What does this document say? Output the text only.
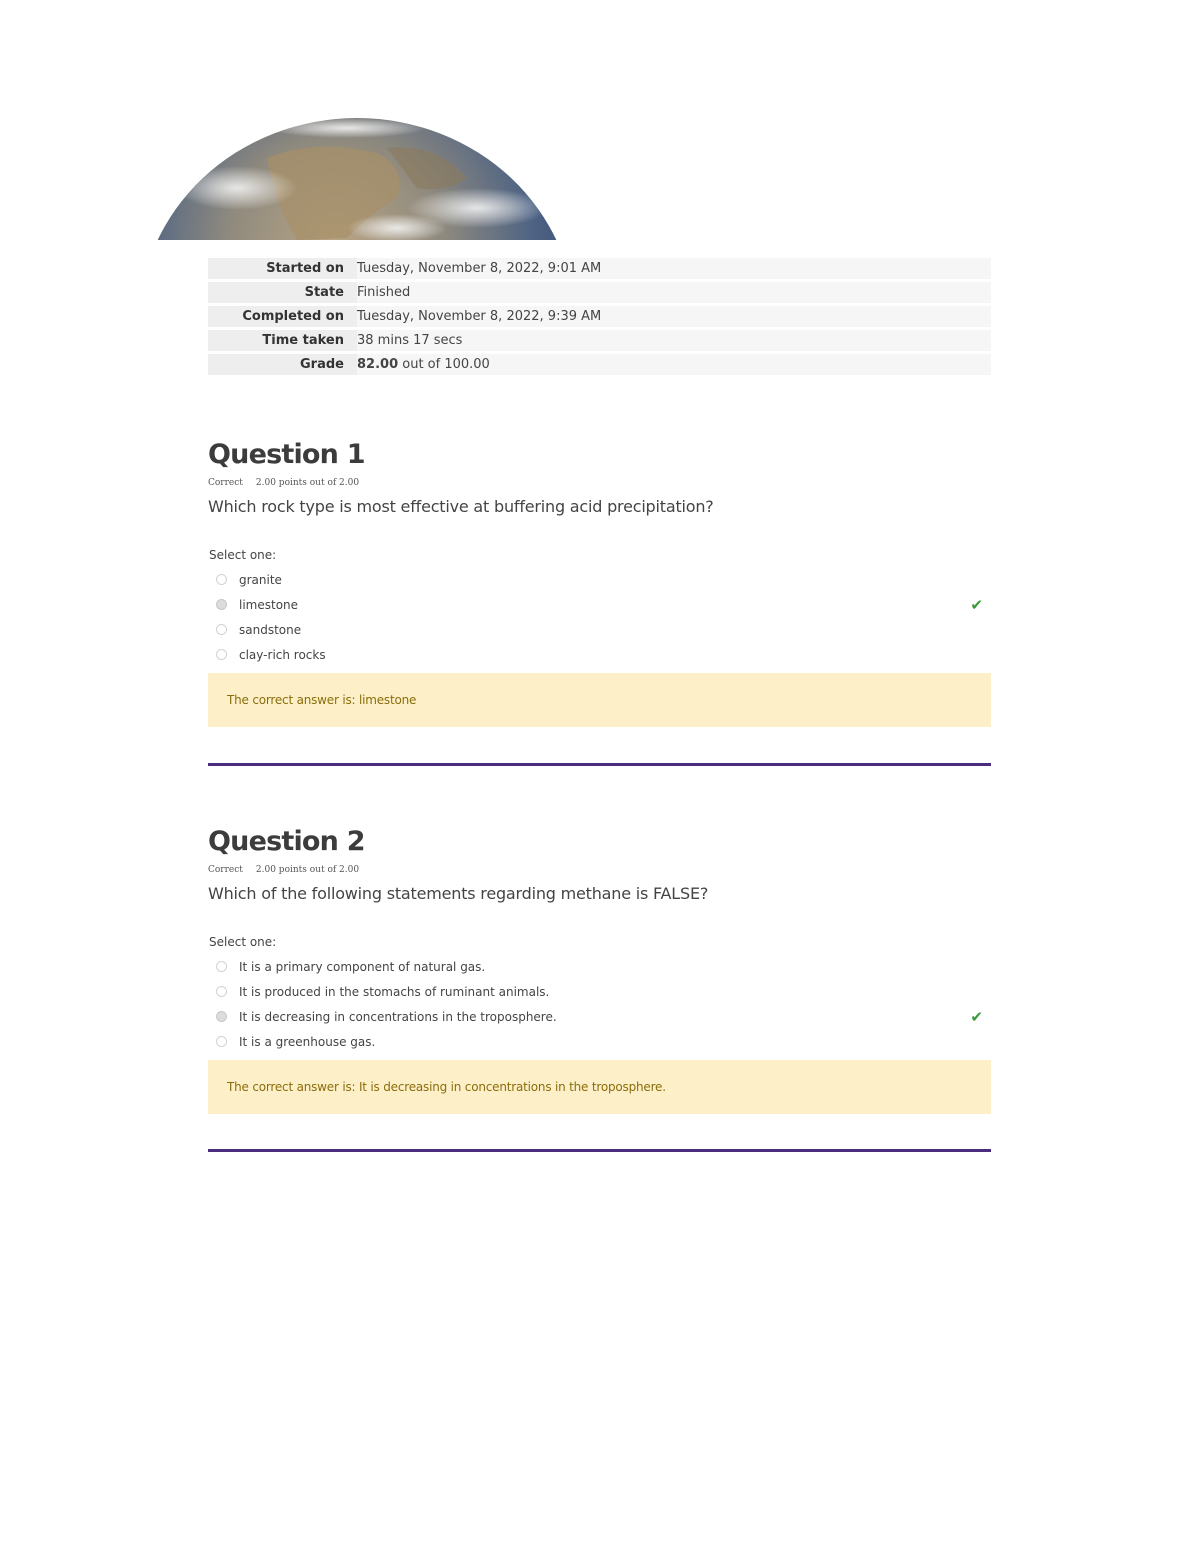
Started on	Tuesday, November 8, 2022, 9:01 AM
State	Finished
Completed on	Tuesday, November 8, 2022, 9:39 AM
Time taken	38 mins 17 secs
Grade	82.00 out of 100.00
Question 1
Correct 2.00 points out of 2.00
Which rock type is most effective at buffering acid precipitation?
Select one:
granite
limestone	✔
sandstone
clay-rich rocks
The correct answer is: limestone
Question 2
Correct 2.00 points out of 2.00
Which of the following statements regarding methane is FALSE?
Select one:
It is a primary component of natural gas.
It is produced in the stomachs of ruminant animals.
It is decreasing in concentrations in the troposphere.	✔
It is a greenhouse gas.
The correct answer is: It is decreasing in concentrations in the troposphere.
